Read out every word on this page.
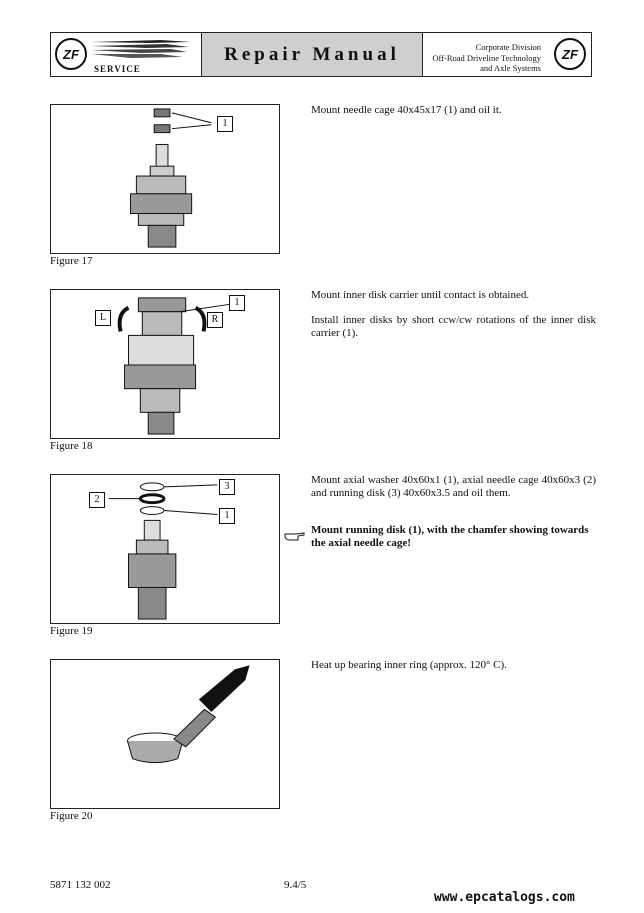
ZF
SERVICE
Repair Manual	Corporate Division
Off-Road Driveline Technology
and Axle Systems
ZF
1
Figure 17

Mount needle cage 40x45x17 (1) and oil it.

1
L	R
Figure 18

Mount inner disk carrier until contact is obtained.

Install inner disks by short ccw/cw rotations of the inner disk carrier (1).

3
2
1
Figure 19

Mount axial washer 40x60x1 (1), axial needle cage 40x60x3 (2) and running disk (3) 40x60x3.5 and oil them.

Mount running disk (1), with the chamfer showing towards the axial needle cage!
Figure 20

Heat up bearing inner ring (approx. 120° C).

5871 132 002	9.4/5
www.epcatalogs.com
